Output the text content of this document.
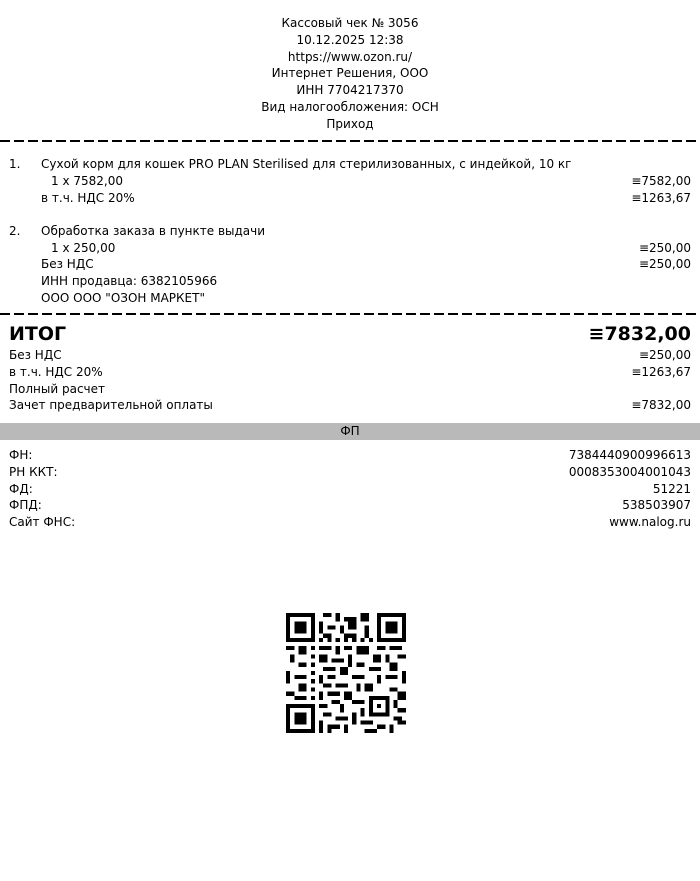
Кассовый чек № 3056
10.12.2025 12:38
https://www.ozon.ru/
Интернет Решения, ООО
ИНН 7704217370
Вид налогообложения: ОСН
Приход
1. Сухой корм для кошек PRO PLAN Sterilised для стерилизованных, с индейкой, 10 кг
1 х 7582,00	≡7582,00
в т.ч. НДС 20%	≡1263,67
2. Обработка заказа в пункте выдачи
1 х 250,00	≡250,00
Без НДС	≡250,00
ИНН продавца: 6382105966
ООО ООО "ОЗОН МАРКЕТ"
ИТОГ	≡7832,00
Без НДС	≡250,00
в т.ч. НДС 20%	≡1263,67
Полный расчет
Зачет предварительной оплаты	≡7832,00
ФП
ФН:	7384440900996613
РН ККТ:	0008353004001043
ФД:	51221
ФПД:	538503907
Сайт ФНС:	www.nalog.ru
